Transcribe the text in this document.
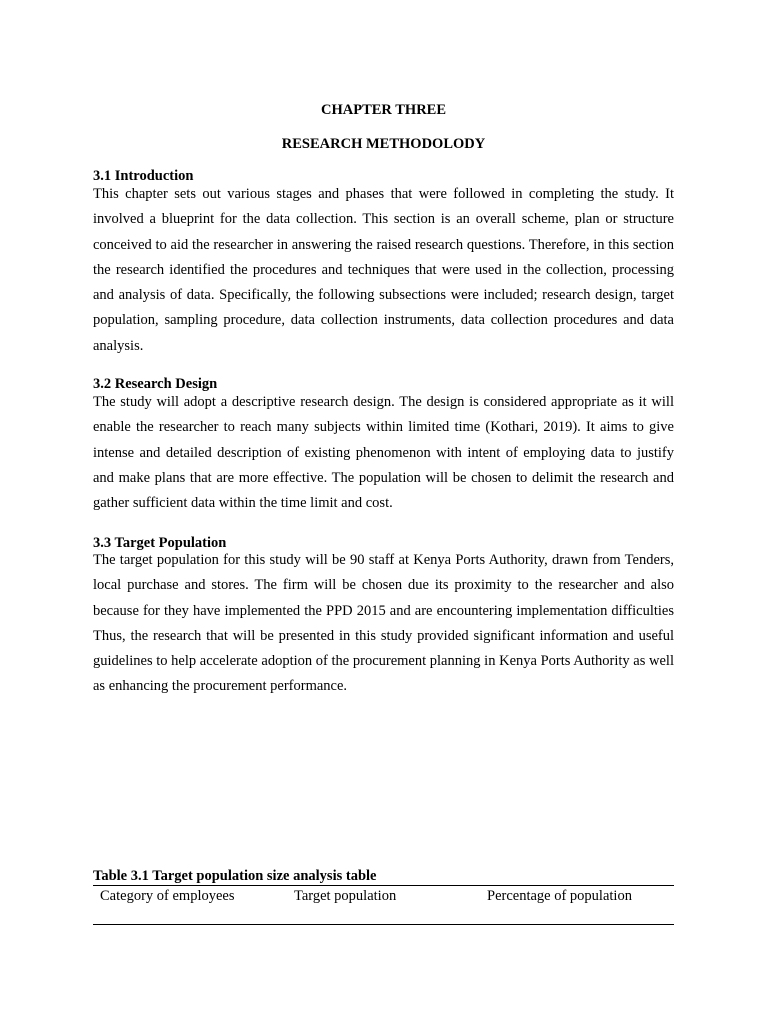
CHAPTER THREE
RESEARCH METHODOLODY
3.1 Introduction

This chapter sets out various stages and phases that were followed in completing the study. It involved a blueprint for the data collection. This section is an overall scheme, plan or structure conceived to aid the researcher in answering the raised research questions. Therefore, in this section the research identified the procedures and techniques that were used in the collection, processing and analysis of data. Specifically, the following subsections were included; research design, target population, sampling procedure, data collection instruments, data collection procedures and data analysis.

3.2 Research Design

The study will adopt a descriptive research design. The design is considered appropriate as it will enable the researcher to reach many subjects within limited time (Kothari, 2019). It aims to give intense and detailed description of existing phenomenon with intent of employing data to justify and make plans that are more effective. The population will be chosen to delimit the research and gather sufficient data within the time limit and cost.

3.3 Target Population

The target population for this study will be 90 staff at Kenya Ports Authority, drawn from Tenders, local purchase and stores. The firm will be chosen due its proximity to the researcher and also because for they have implemented the PPD 2015 and are encountering implementation difficulties Thus, the research that will be presented in this study provided significant information and useful guidelines to help accelerate adoption of the procurement planning in Kenya Ports Authority as well as enhancing the procurement performance.

Table 3.1 Target population size analysis table
Category of employees	Target population	Percentage of population
